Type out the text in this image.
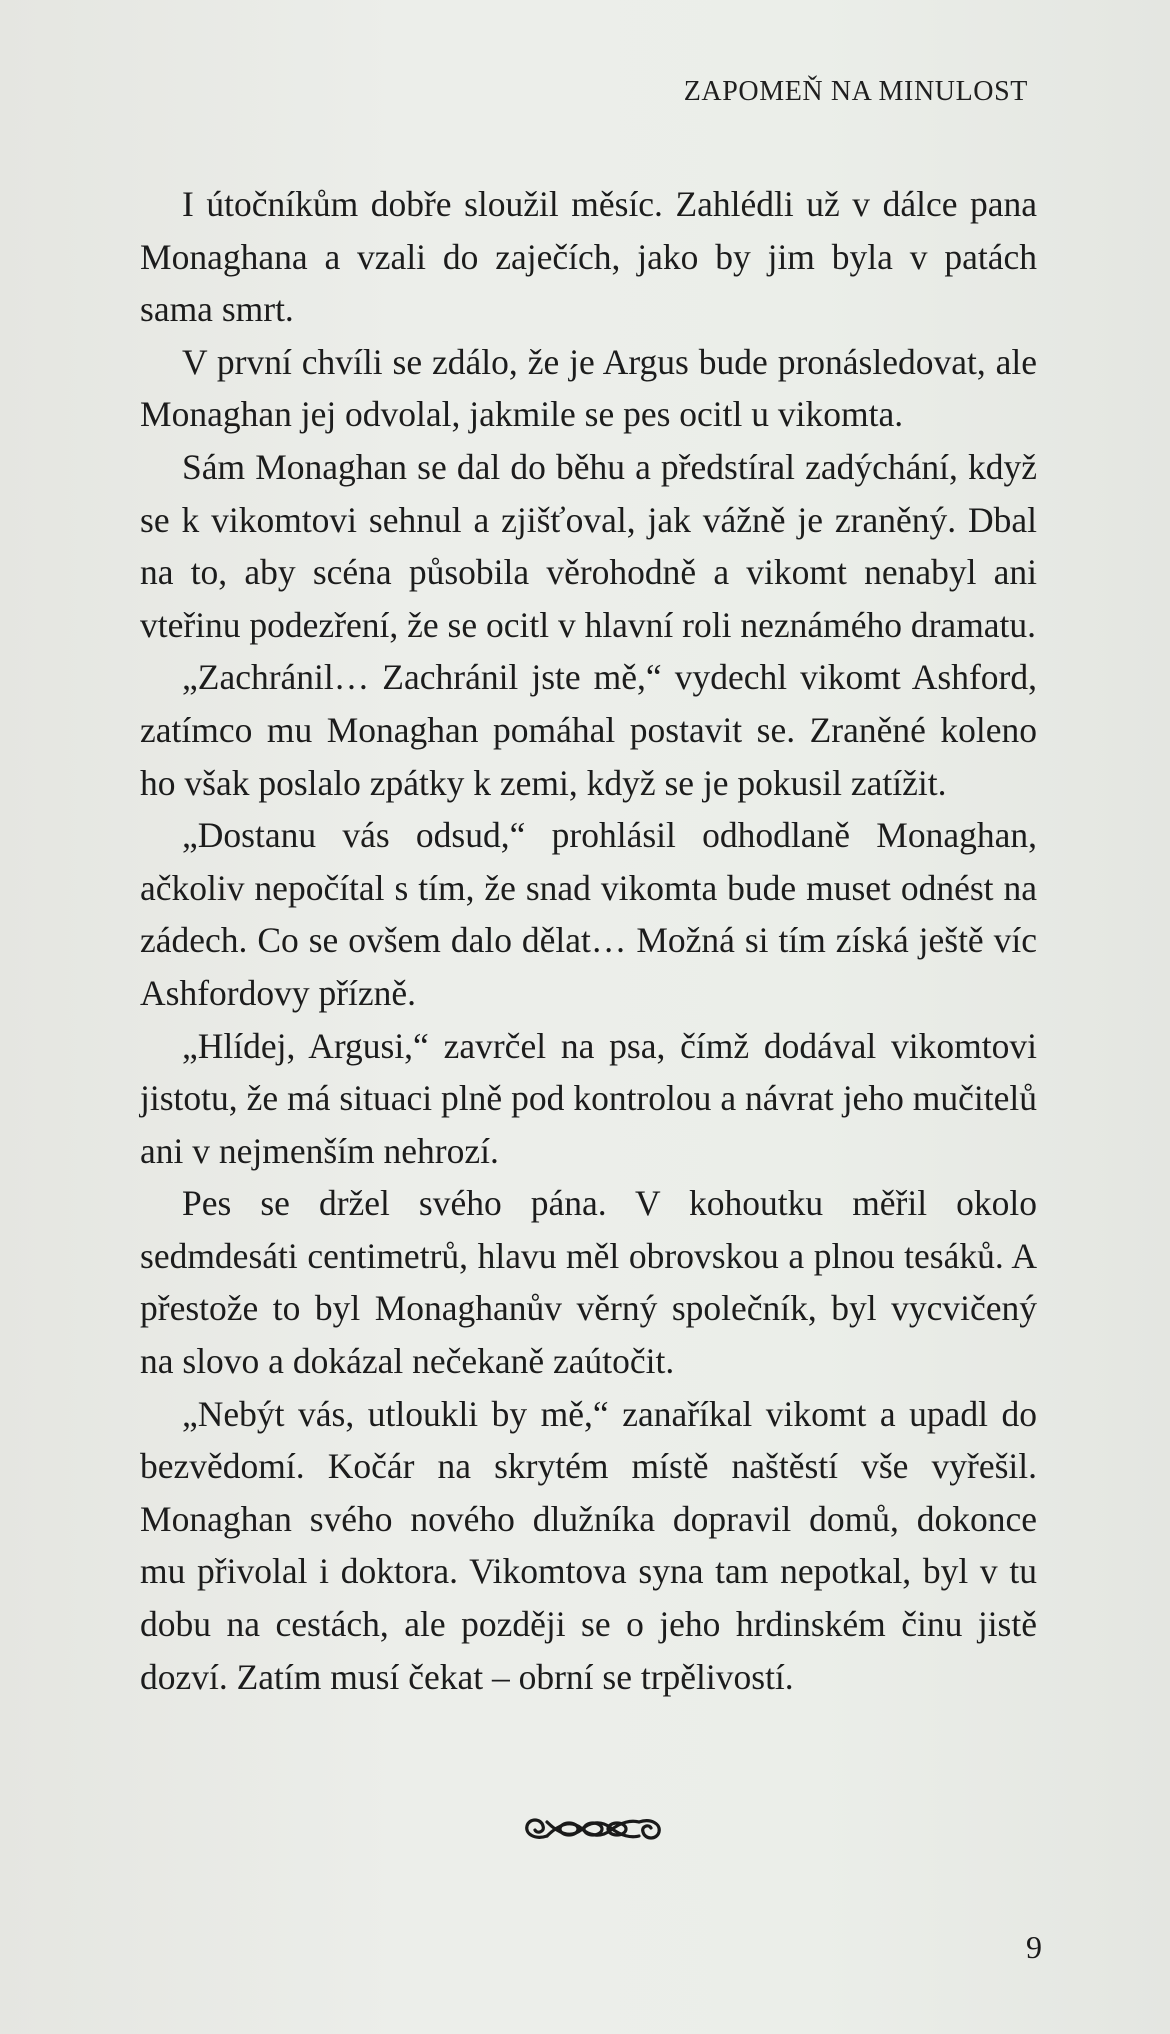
ZAPOMEŇ NA MINULOST

I útočníkům dobře sloužil měsíc. Zahlédli už v dálce pana Monaghana a vzali do zaječích, jako by jim byla v patách sama smrt.

V první chvíli se zdálo, že je Argus bude pronásledovat, ale Monaghan jej odvolal, jakmile se pes ocitl u vikomta.

Sám Monaghan se dal do běhu a předstíral zadýchání, když se k vikomtovi sehnul a zjišťoval, jak vážně je zraněný. Dbal na to, aby scéna působila věrohodně a vikomt nenabyl ani vteřinu podezření, že se ocitl v hlavní roli neznámého dramatu.

„Zachránil… Zachránil jste mě,“ vydechl vikomt Ashford, zatímco mu Monaghan pomáhal postavit se. Zraněné koleno ho však poslalo zpátky k zemi, když se je pokusil zatížit.

„Dostanu vás odsud,“ prohlásil odhodlaně Monaghan, ačkoliv nepočítal s tím, že snad vikomta bude muset odnést na zádech. Co se ovšem dalo dělat… Možná si tím získá ještě víc Ashfordovy přízně.

„Hlídej, Argusi,“ zavrčel na psa, čímž dodával vikomtovi jistotu, že má situaci plně pod kontrolou a návrat jeho mučitelů ani v nejmenším nehrozí.

Pes se držel svého pána. V kohoutku měřil okolo sedmdesáti centimetrů, hlavu měl obrovskou a plnou tesáků. A přestože to byl Monaghanův věrný společník, byl vycvičený na slovo a dokázal nečekaně zaútočit.

„Nebýt vás, utloukli by mě,“ zanaříkal vikomt a upadl do bezvědomí. Kočár na skrytém místě naštěstí vše vyřešil. Monaghan svého nového dlužníka dopravil domů, dokonce mu přivolal i doktora. Vikomtova syna tam nepotkal, byl v tu dobu na cestách, ale později se o jeho hrdinském činu jistě dozví. Zatím musí čekat – obrní se trpělivostí.

9
